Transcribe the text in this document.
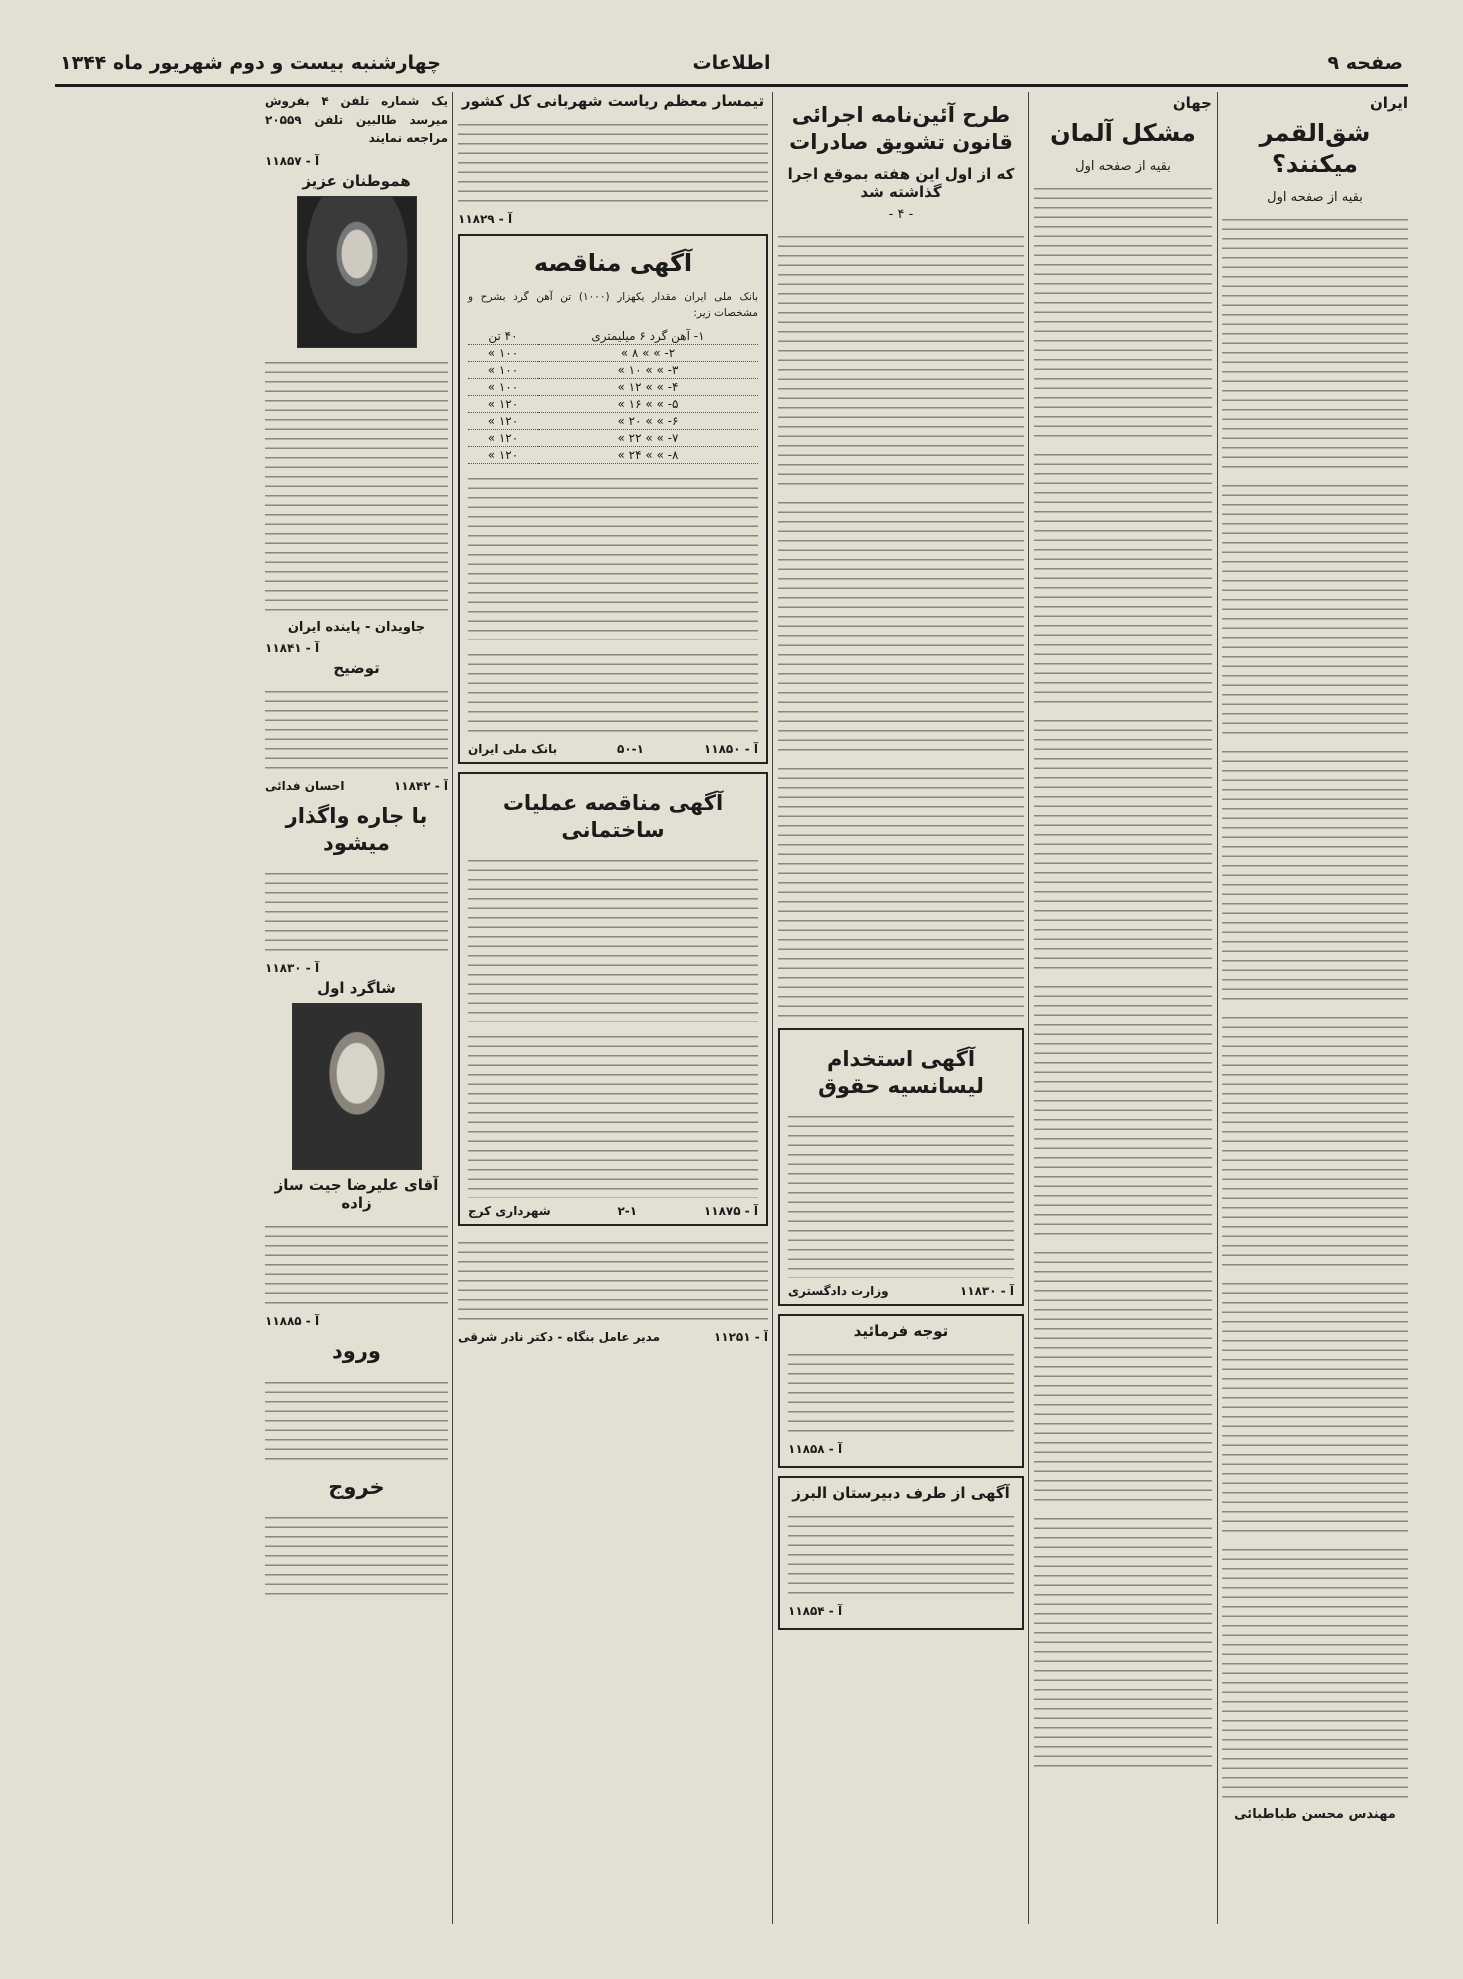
صفحه ۹
اطلاعات
چهارشنبه بیست و دوم شهریور ماه ۱۳۴۴
ایران
شق‌القمر میکنند؟
بقیه از صفحه اول
مهندس محسن طباطبائی
جهان
مشکل آلمان
بقیه از صفحه اول
طرح آئین‌نامه اجرائی قانون تشویق صادرات
که از اول این هفته بموقع اجرا گذاشته شد
- ۴ -
آگهی استخدام لیسانسیه حقوق
آ - ۱۱۸۳۰
وزارت دادگستری
توجه فرمائید
آ - ۱۱۸۵۸
آگهی از طرف دبیرستان البرز
آ - ۱۱۸۵۴
تیمسار معظم ریاست شهربانی کل کشور
آ - ۱۱۸۲۹
آگهی مناقصه

بانک ملی ایران مقدار یکهزار (۱۰۰۰) تن آهن گرد بشرح و مشخصات زیر:

۱- آهن گرد ۶ میلیمتری	۴۰ تن
۲- » » ۸ »	۱۰۰ »
۳- » » ۱۰ »	۱۰۰ »
۴- » » ۱۲ »	۱۰۰ »
۵- » » ۱۶ »	۱۲۰ »
۶- » » ۲۰ »	۱۲۰ »
۷- » » ۲۲ »	۱۲۰ »
۸- » » ۲۴ »	۱۲۰ »
آ - ۱۱۸۵۰
۵۰-۱
بانک ملی ایران
آگهی مناقصه عملیات ساختمانی
آ - ۱۱۸۷۵
۲-۱
شهرداری کرج
آ - ۱۱۲۵۱
مدیر عامل بنگاه - دکتر نادر شرقی

یک شماره تلفن ۴ بفروش میرسد طالبین تلفن ۲۰۵۵۹ مراجعه نمایند

آ - ۱۱۸۵۷
هموطنان عزیز
جاویدان - پاینده ایران
آ - ۱۱۸۴۱
توضیح
آ - ۱۱۸۴۲
احسان فدائی
با جاره واگذار میشود
آ - ۱۱۸۳۰
شاگرد اول
آقای علیرضا جیت ساز زاده
آ - ۱۱۸۸۵
ورود
خروج
